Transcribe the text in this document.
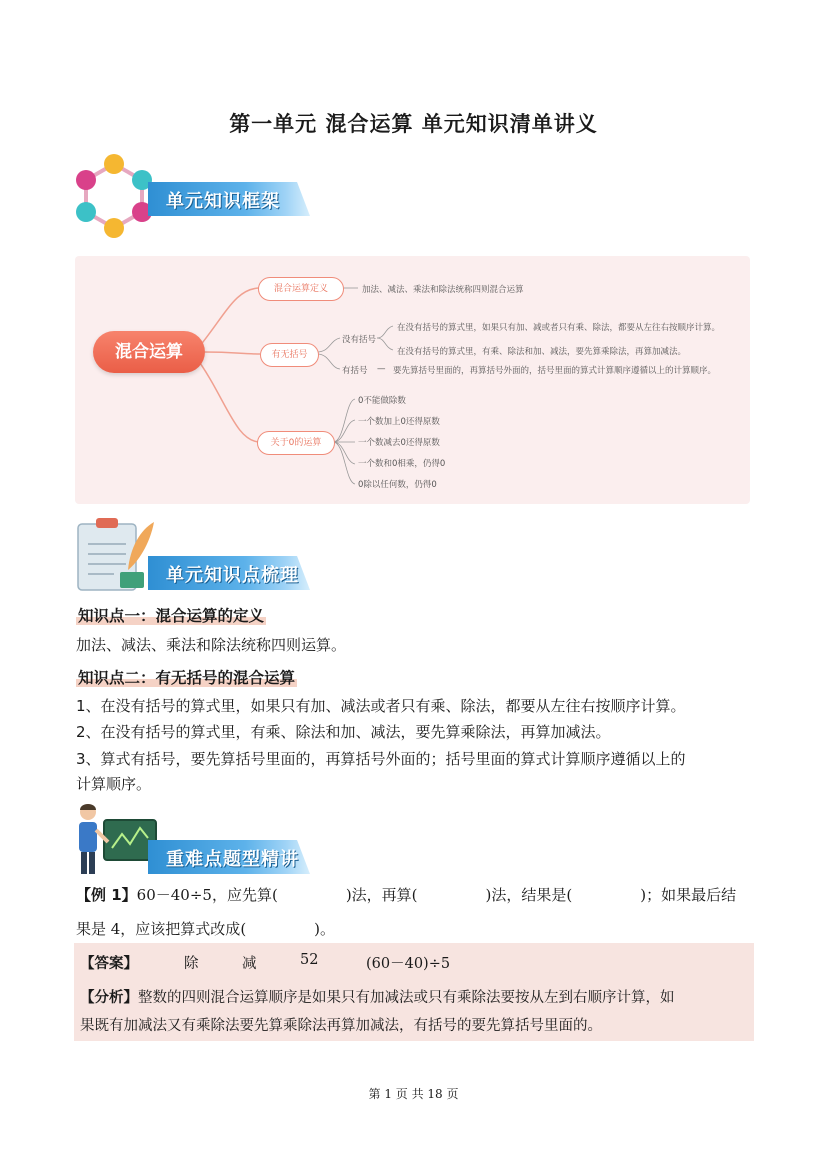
第一单元 混合运算 单元知识清单讲义
单元知识框架
混合运算
混合运算定义	加法、减法、乘法和除法统称四则混合运算
有无括号
没有括号
在没有括号的算式里，如果只有加、减或者只有乘、除法，都要从左往右按顺序计算。
在没有括号的算式里，有乘、除法和加、减法，要先算乘除法，再算加减法。
有括号 — 要先算括号里面的，再算括号外面的，括号里面的算式计算顺序遵循以上的计算顺序。
关于0的运算
0不能做除数
一个数加上0还得原数
一个数减去0还得原数
一个数和0相乘，仍得0
0除以任何数，仍得0
单元知识点梳理
知识点一：混合运算的定义
加法、减法、乘法和除法统称四则运算。
知识点二：有无括号的混合运算
1、在没有括号的算式里，如果只有加、减法或者只有乘、除法，都要从左往右按顺序计算。
2、在没有括号的算式里，有乘、除法和加、减法，要先算乘除法，再算加减法。
3、算式有括号，要先算括号里面的，再算括号外面的；括号里面的算式计算顺序遵循以上的
计算顺序。
重难点题型精讲
【例 1】60－40÷5，应先算(	)法，再算(	)法，结果是(	)；如果最后结
果是 4，应该把算式改成(	)。
【答案】	除	减	52	(60－40)÷5
【分析】整数的四则混合运算顺序是如果只有加减法或只有乘除法要按从左到右顺序计算，如
果既有加减法又有乘除法要先算乘除法再算加减法，有括号的要先算括号里面的。
第 1 页 共 18 页
